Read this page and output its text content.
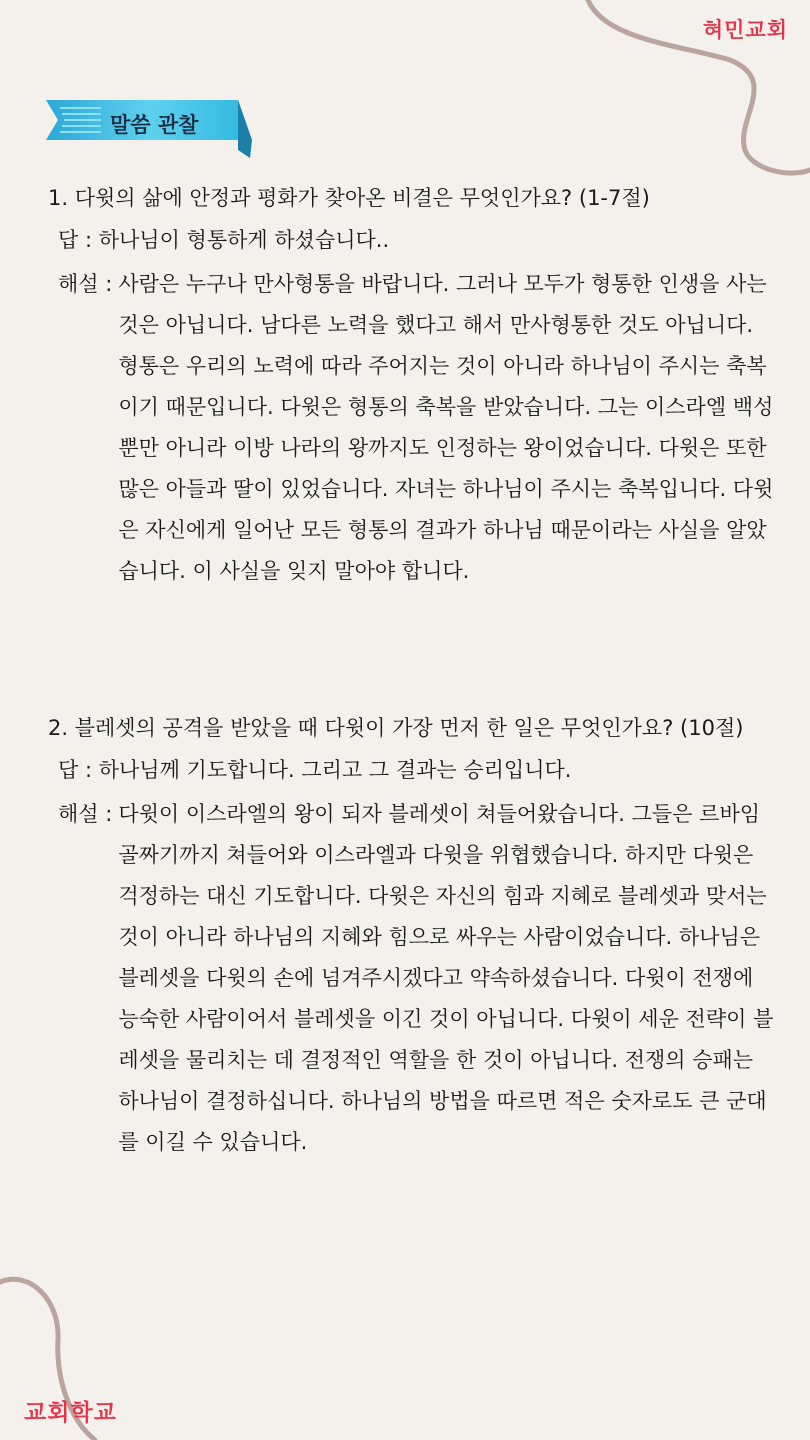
혀민교회
교회학교
말씀 관찰

1. 다윗의 삶에 안정과 평화가 찾아온 비결은 무엇인가요? (1-7절)

답 : 하나님이 형통하게 하셨습니다..

해설 : 사람은 누구나 만사형통을 바랍니다. 그러나 모두가 형통한 인생을 사는 것은 아닙니다. 남다른 노력을 했다고 해서 만사형통한 것도 아닙니다. 형통은 우리의 노력에 따라 주어지는 것이 아니라 하나님이 주시는 축복이기 때문입니다. 다윗은 형통의 축복을 받았습니다. 그는 이스라엘 백성뿐만 아니라 이방 나라의 왕까지도 인정하는 왕이었습니다. 다윗은 또한 많은 아들과 딸이 있었습니다. 자녀는 하나님이 주시는 축복입니다. 다윗은 자신에게 일어난 모든 형통의 결과가 하나님 때문이라는 사실을 알았습니다. 이 사실을 잊지 말아야 합니다.

2. 블레셋의 공격을 받았을 때 다윗이 가장 먼저 한 일은 무엇인가요? (10절)

답 : 하나님께 기도합니다. 그리고 그 결과는 승리입니다.

해설 : 다윗이 이스라엘의 왕이 되자 블레셋이 쳐들어왔습니다. 그들은 르바임 골짜기까지 쳐들어와 이스라엘과 다윗을 위협했습니다. 하지만 다윗은 걱정하는 대신 기도합니다. 다윗은 자신의 힘과 지혜로 블레셋과 맞서는 것이 아니라 하나님의 지혜와 힘으로 싸우는 사람이었습니다. 하나님은 블레셋을 다윗의 손에 넘겨주시겠다고 약속하셨습니다. 다윗이 전쟁에 능숙한 사람이어서 블레셋을 이긴 것이 아닙니다. 다윗이 세운 전략이 블레셋을 물리치는 데 결정적인 역할을 한 것이 아닙니다. 전쟁의 승패는 하나님이 결정하십니다. 하나님의 방법을 따르면 적은 숫자로도 큰 군대를 이길 수 있습니다.
